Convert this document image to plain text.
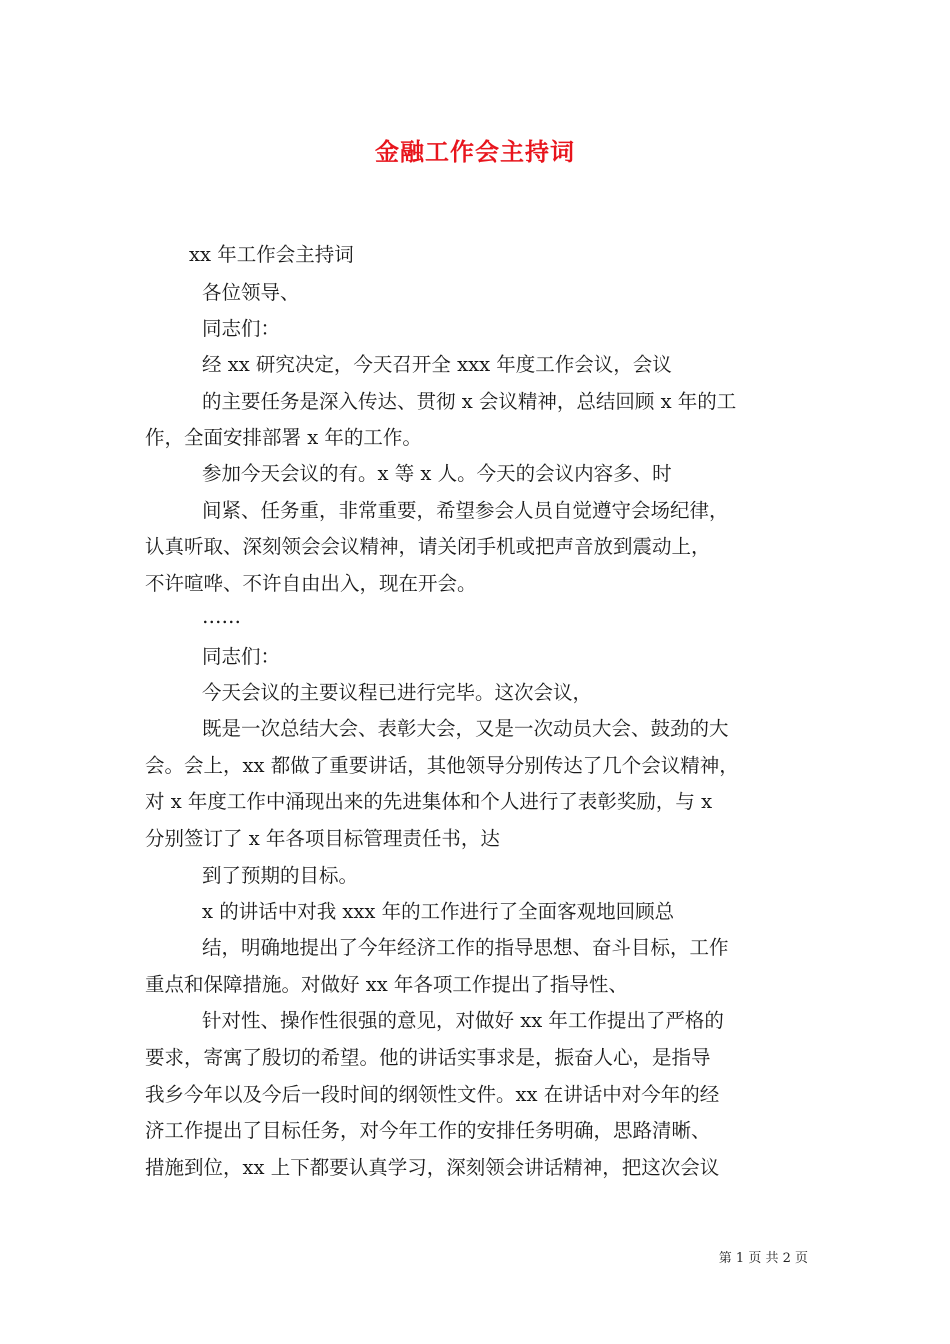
金融工作会主持词
xx 年工作会主持词
各位领导、
同志们：
经 xx 研究决定，今天召开全 xxx 年度工作会议，会议
的主要任务是深入传达、贯彻 x 会议精神，总结回顾 x 年的工
作，全面安排部署 x 年的工作。
参加今天会议的有。x 等 x 人。今天的会议内容多、时
间紧、任务重，非常重要，希望参会人员自觉遵守会场纪律，
认真听取、深刻领会会议精神，请关闭手机或把声音放到震动上，
不许喧哗、不许自由出入，现在开会。
……
同志们：
今天会议的主要议程已进行完毕。这次会议，
既是一次总结大会、表彰大会，又是一次动员大会、鼓劲的大
会。会上，xx 都做了重要讲话，其他领导分别传达了几个会议精神，
对 x 年度工作中涌现出来的先进集体和个人进行了表彰奖励，与 x
分别签订了 x 年各项目标管理责任书，达
到了预期的目标。
x 的讲话中对我 xxx 年的工作进行了全面客观地回顾总
结，明确地提出了今年经济工作的指导思想、奋斗目标，工作
重点和保障措施。对做好 xx 年各项工作提出了指导性、
针对性、操作性很强的意见，对做好 xx 年工作提出了严格的
要求，寄寓了殷切的希望。他的讲话实事求是，振奋人心，是指导
我乡今年以及今后一段时间的纲领性文件。xx 在讲话中对今年的经
济工作提出了目标任务，对今年工作的安排任务明确，思路清晰、
措施到位，xx 上下都要认真学习，深刻领会讲话精神，把这次会议
第 1 页 共 2 页
